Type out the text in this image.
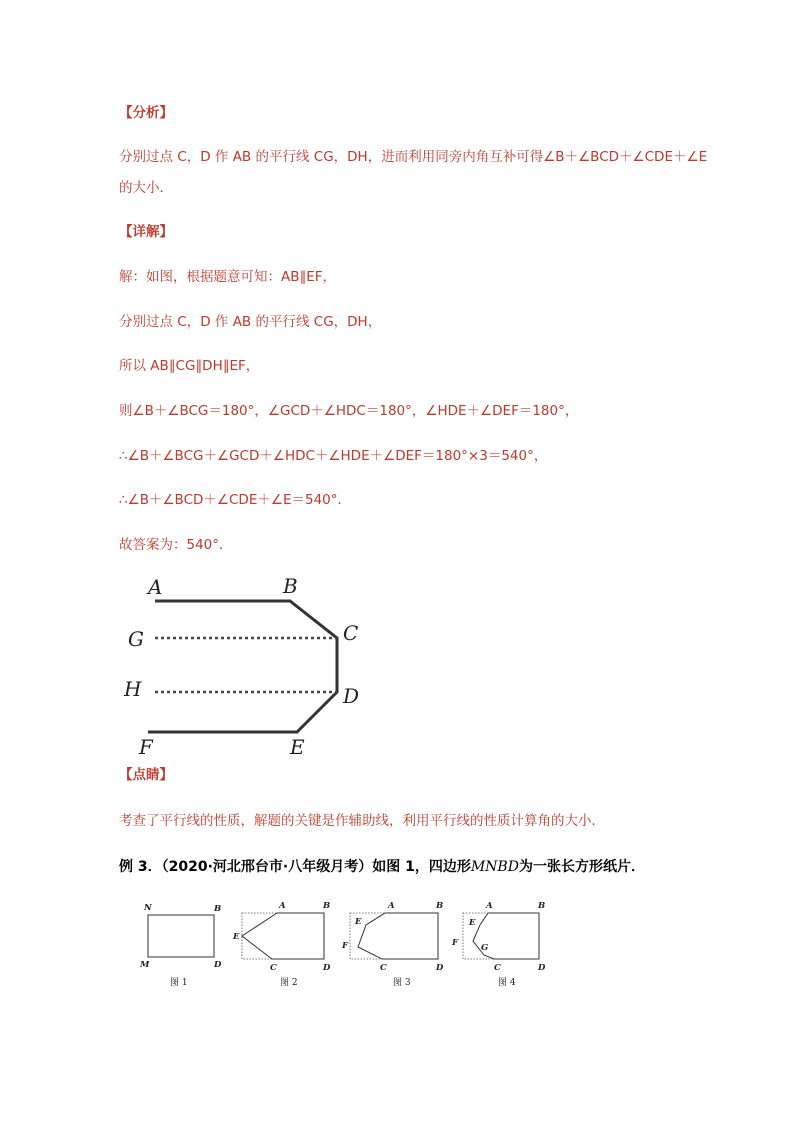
【分析】
分别过点 C，D 作 AB 的平行线 CG，DH，进而利用同旁内角互补可得∠B＋∠BCD＋∠CDE＋∠E
的大小．
【详解】
解：如图，根据题意可知：AB∥EF，
分别过点 C，D 作 AB 的平行线 CG，DH，
所以 AB∥CG∥DH∥EF，
则∠B＋∠BCG＝180°，∠GCD＋∠HDC＝180°，∠HDE＋∠DEF＝180°，
∴∠B＋∠BCG＋∠GCD＋∠HDC＋∠HDE＋∠DEF＝180°×3＝540°，
∴∠B＋∠BCD＋∠CDE＋∠E＝540°．
故答案为：540°．
A	B
C
G
H	D
F	E
【点睛】
考查了平行线的性质，解题的关键是作辅助线，利用平行线的性质计算角的大小．
例 3．（2020·河北邢台市·八年级月考）如图 1，四边形MNBD为一张长方形纸片．
N	B
M	D
A	B
E
C	D
A	B
E
F
C	D
A	B
E
F	G
C	D
图 1	图 2	图 3	图 4
